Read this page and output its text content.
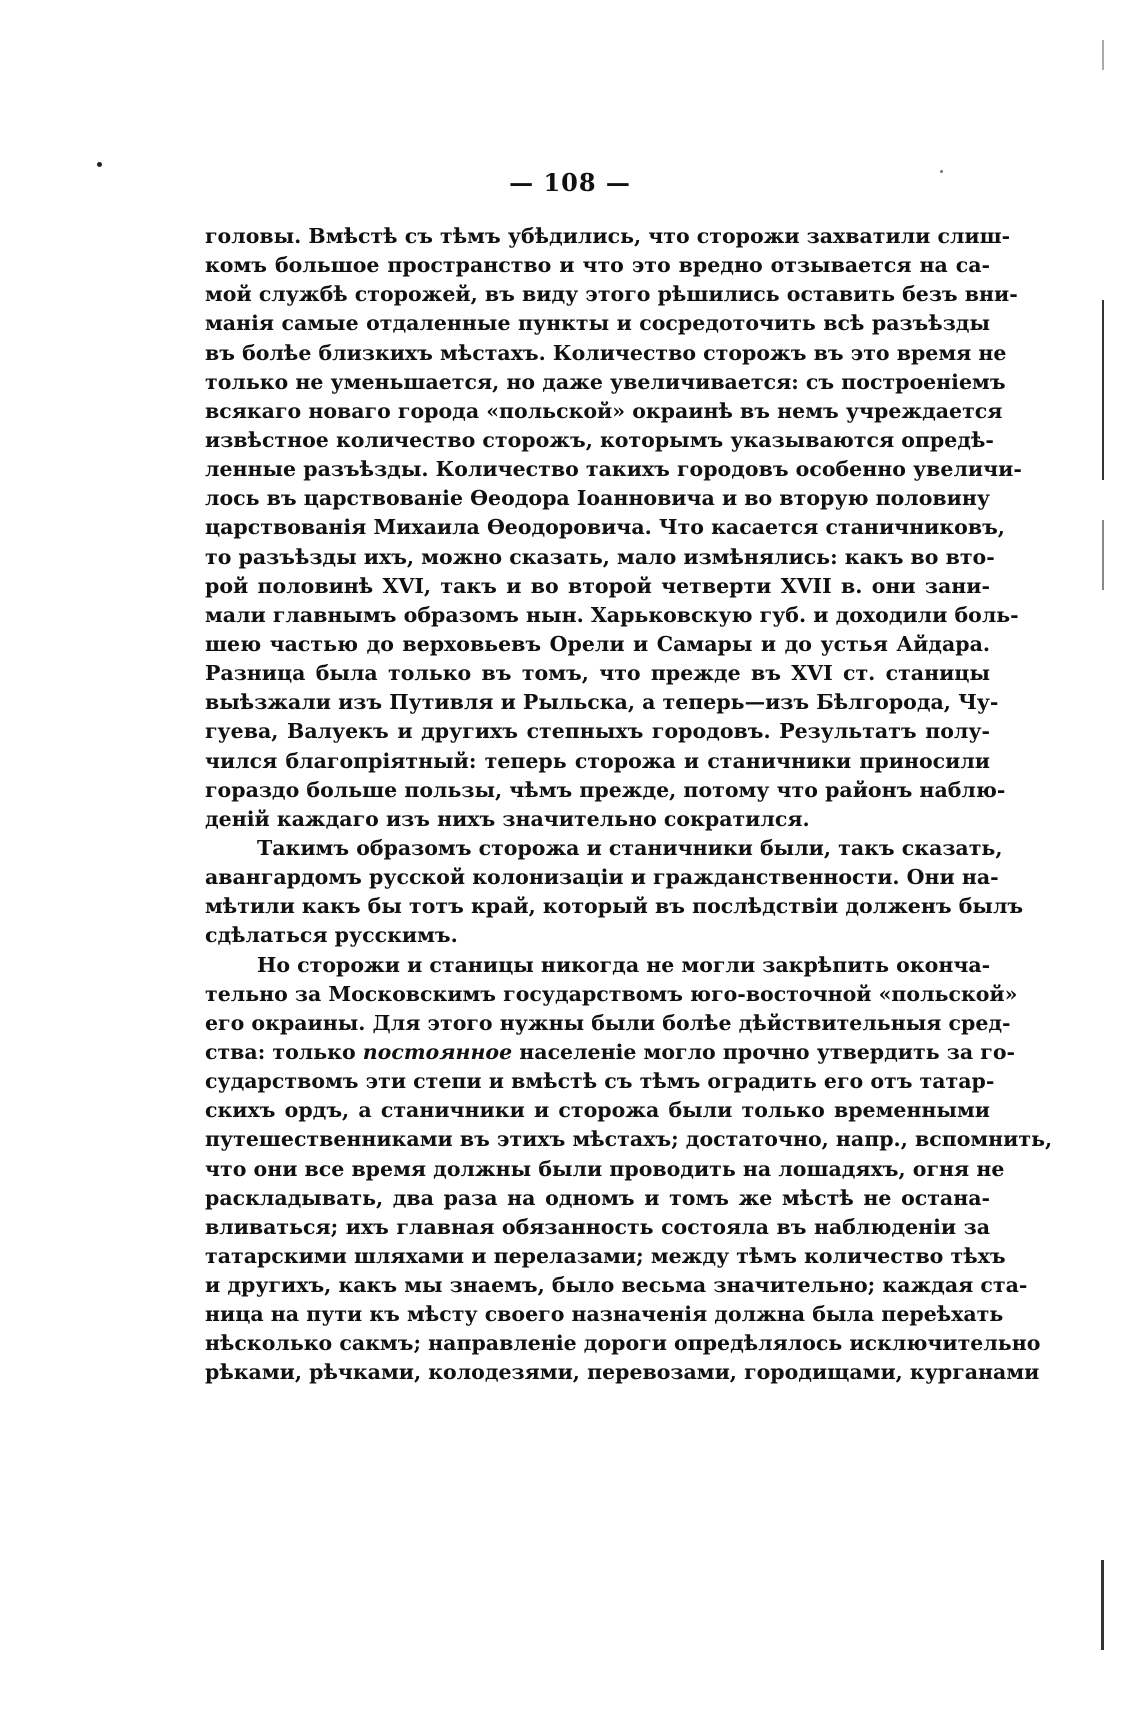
— 108 —
головы. Вмѣстѣ съ тѣмъ убѣдились, что сторожи захватили слиш-
комъ большое пространство и что это вредно отзывается на са-
мой службѣ сторожей, въ виду этого рѣшились оставить безъ вни-
манія самые отдаленные пункты и сосредоточить всѣ разъѣзды
въ болѣе близкихъ мѣстахъ. Количество сторожъ въ это время не
только не уменьшается, но даже увеличивается: съ построеніемъ
всякаго новаго города «польской» окраинѣ въ немъ учреждается
извѣстное количество сторожъ, которымъ указываются опредѣ-
ленные разъѣзды. Количество такихъ городовъ особенно увеличи-
лось въ царствованіе Ѳеодора Іоанновича и во вторую половину
царствованія Михаила Ѳеодоровича. Что касается станичниковъ,
то разъѣзды ихъ, можно сказать, мало измѣнялись: какъ во вто-
рой половинѣ XVI, такъ и во второй четверти XVII в. они зани-
мали главнымъ образомъ нын. Харьковскую губ. и доходили боль-
шею частью до верховьевъ Орели и Самары и до устья Айдара.
Разница была только въ томъ, что прежде въ XVI ст. станицы
выѣзжали изъ Путивля и Рыльска, а теперь—изъ Бѣлгорода, Чу-
гуева, Валуекъ и другихъ степныхъ городовъ. Результатъ полу-
чился благопріятный: теперь сторожа и станичники приносили
гораздо больше пользы, чѣмъ прежде, потому что районъ наблю-
деній каждаго изъ нихъ значительно сократился.
Такимъ образомъ сторожа и станичники были, такъ сказать,
авангардомъ русской колонизаціи и гражданственности. Они на-
мѣтили какъ бы тотъ край, который въ послѣдствіи долженъ былъ
сдѣлаться русскимъ.
Но сторожи и станицы никогда не могли закрѣпить оконча-
тельно за Московскимъ государствомъ юго-восточной «польской»
его окраины. Для этого нужны были болѣе дѣйствительныя сред-
ства: только постоянное населеніе могло прочно утвердить за го-
сударствомъ эти степи и вмѣстѣ съ тѣмъ оградить его отъ татар-
скихъ ордъ, а станичники и сторожа были только временными
путешественниками въ этихъ мѣстахъ; достаточно, напр., вспомнить,
что они все время должны были проводить на лошадяхъ, огня не
раскладывать, два раза на одномъ и томъ же мѣстѣ не остана-
вливаться; ихъ главная обязанность состояла въ наблюденіи за
татарскими шляхами и перелазами; между тѣмъ количество тѣхъ
и другихъ, какъ мы знаемъ, было весьма значительно; каждая ста-
ница на пути къ мѣсту своего назначенія должна была переѣхать
нѣсколько сакмъ; направленіе дороги опредѣлялось исключительно
рѣками, рѣчками, колодезями, перевозами, городищами, курганами
